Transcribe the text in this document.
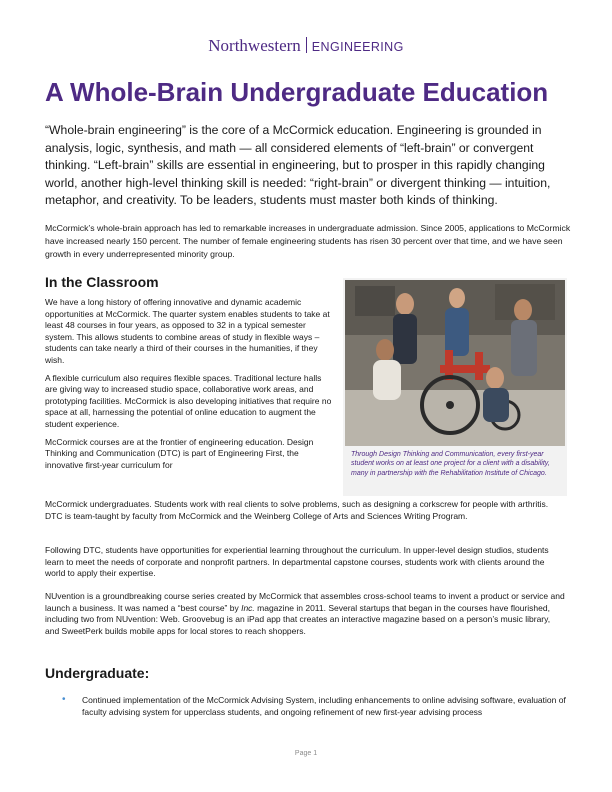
Northwestern ENGINEERING
A Whole-Brain Undergraduate Education

“Whole-brain engineering” is the core of a McCormick education. Engineering is grounded in analysis, logic, synthesis, and math — all considered elements of “left-brain” or convergent thinking. “Left-brain” skills are essential in engineering, but to prosper in this rapidly changing world, another high-level thinking skill is needed: “right-brain” or divergent thinking — intuition, metaphor, and creativity. To be leaders, students must master both kinds of thinking.

McCormick’s whole-brain approach has led to remarkable increases in undergraduate admission. Since 2005, applications to McCormick have increased nearly 150 percent. The number of female engineering students has risen 30 percent over that time, and we have seen growth in every underrepresented minority group.

In the Classroom

We have a long history of offering innovative and dynamic academic opportunities at McCormick. The quarter system enables students to take at least 48 courses in four years, as opposed to 32 in a typical semester system. This allows students to combine areas of study in flexible ways – students can take nearly a third of their courses in the humanities, if they wish.

A flexible curriculum also requires flexible spaces. Traditional lecture halls are giving way to increased studio space, collaborative work areas, and prototyping facilities. McCormick is also developing initiatives that require no space at all, harnessing the potential of online education to augment the student experience.

McCormick courses are at the frontier of engineering education. Design Thinking and Communication (DTC) is part of Engineering First, the innovative first-year curriculum for

Through Design Thinking and Communication, every first-year student works on at least one project for a client with a disability, many in partnership with the Rehabilitation Institute of Chicago.

McCormick undergraduates. Students work with real clients to solve problems, such as designing a corkscrew for people with arthritis. DTC is team-taught by faculty from McCormick and the Weinberg College of Arts and Sciences Writing Program.

Following DTC, students have opportunities for experiential learning throughout the curriculum. In upper-level design studios, students learn to meet the needs of corporate and nonprofit partners. In departmental capstone courses, students work with clients around the world to apply their expertise.

NUvention is a groundbreaking course series created by McCormick that assembles cross-school teams to invent a product or service and launch a business. It was named a “best course” by Inc. magazine in 2011. Several startups that began in the courses have flourished, including two from NUvention: Web. Groovebug is an iPad app that creates an interactive magazine based on a person’s music library, and SweetPerk builds mobile apps for local stores to reach shoppers.

Undergraduate:
• Continued implementation of the McCormick Advising System, including enhancements to online advising software, evaluation of faculty advising system for upperclass students, and ongoing refinement of new first-year advising process
Page 1
